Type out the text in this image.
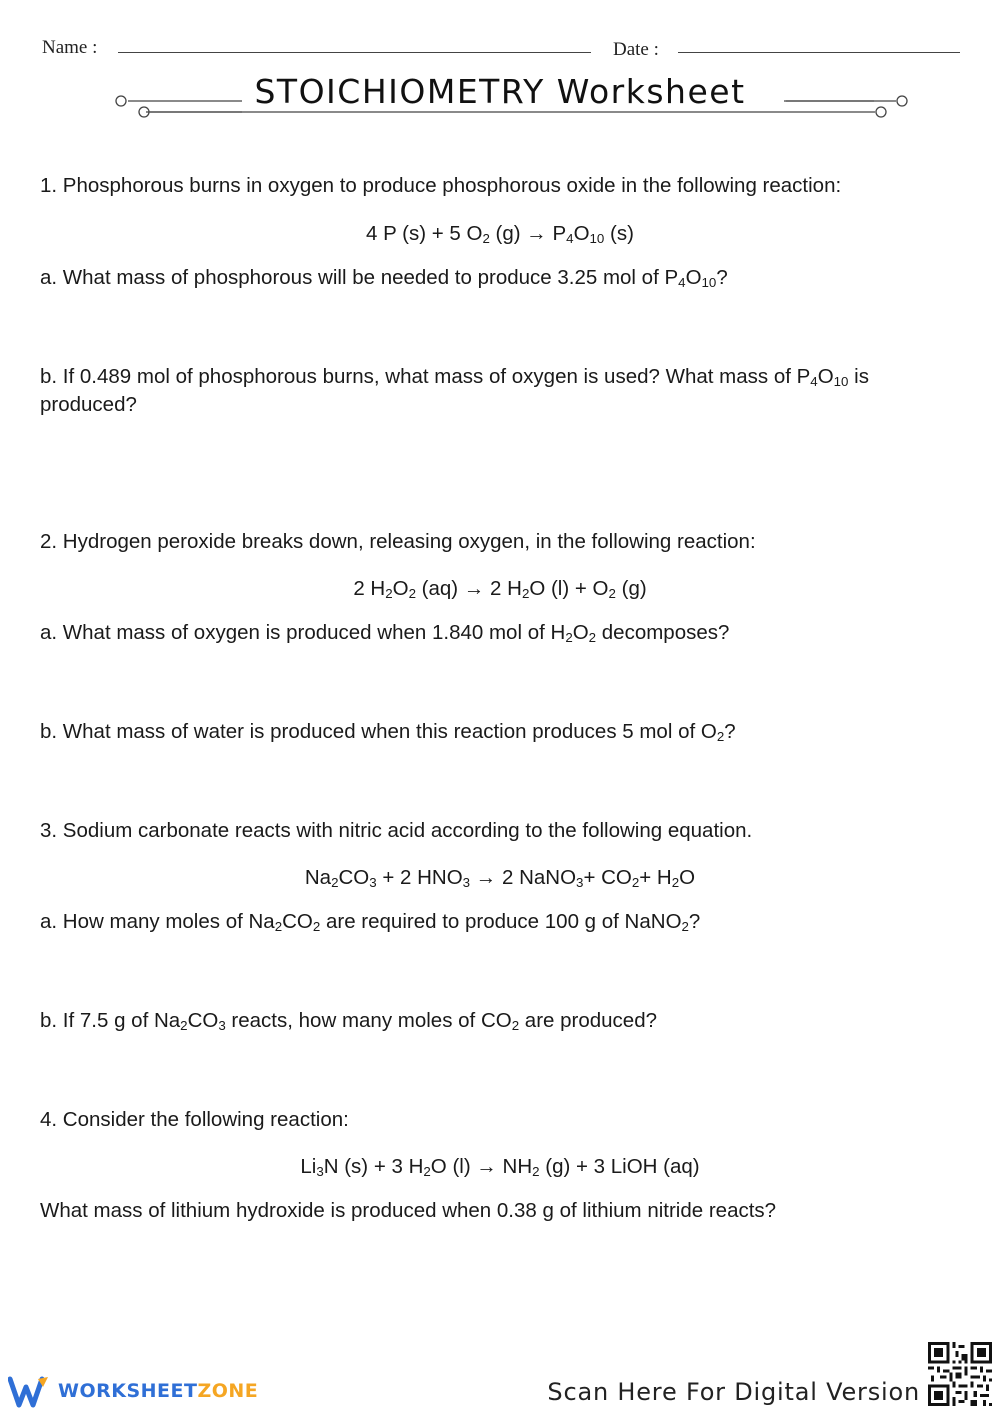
Name :	Date :
STOICHIOMETRY Worksheet
1. Phosphorous burns in oxygen to produce phosphorous oxide in the following reaction:
4 P (s) + 5 $O_2$ $(g) \to P_4O_{10}$ (s)
a. What mass of phosphorous will be needed to produce 3.25 mol of $P_4O_{10}$?
b. If 0.489 mol of phosphorous burns, what mass of oxygen is used? What mass of $P_4O_{10}$ is produced?
2. Hydrogen peroxide breaks down, releasing oxygen, in the following reaction:
2 $H_2O_2$ (aq) → 2 $H_2O$ $(l) + O_2$ (g)
a. What mass of oxygen is produced when 1.840 mol of $H_2O_2$ decomposes?
b. What mass of water is produced when this reaction produces 5 mol of $O_2$?
3. Sodium carbonate reacts with nitric acid according to the following equation.
$Na_2CO_3 + 2$ $HNO_3 \to 2$ NaNO$_3$+ $CO_2+ H_2O$
a. How many moles of $Na_2CO_2$ are required to produce 100 g of NaNO$_2$?
b. If 7.5 g of $Na_2CO_3$ reacts, how many moles of $CO_2$ are produced?
4. Consider the following reaction:
$Li_3N$ (s) + 3 $H_2O$ $(l) \to NH_2$ (g) + 3 LiOH (aq)
What mass of lithium hydroxide is produced when 0.38 g of lithium nitride reacts?
WORKSHEETZONE	Scan Here For Digital Version
